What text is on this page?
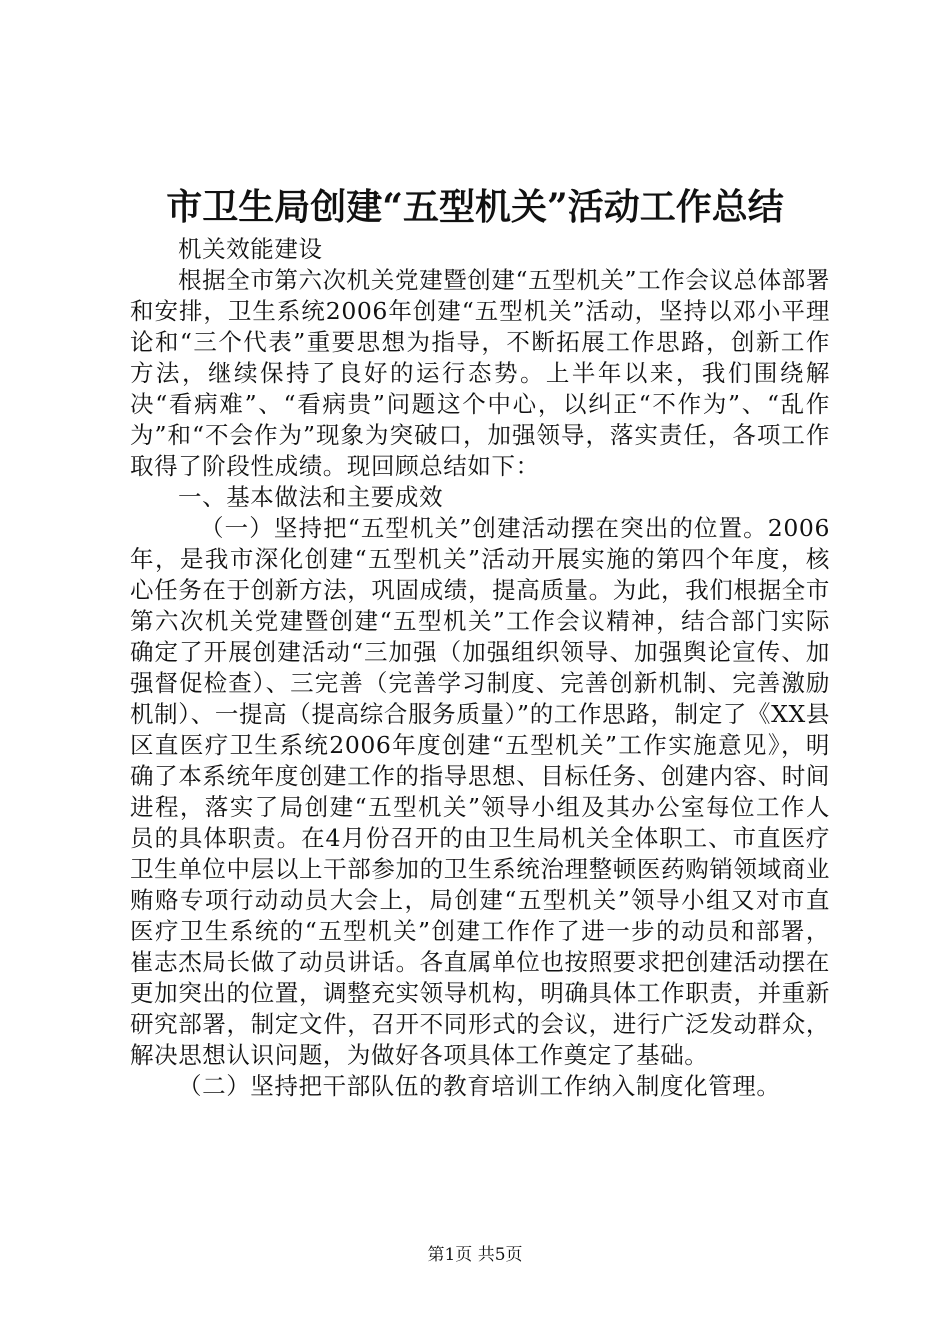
市卫生局创建“五型机关”活动工作总结

机关效能建设

根据全市第六次机关党建暨创建“五型机关”工作会议总体部署和安排，卫生系统2006年创建“五型机关”活动，坚持以邓小平理论和“三个代表”重要思想为指导，不断拓展工作思路，创新工作方法，继续保持了良好的运行态势。上半年以来，我们围绕解决“看病难”、“看病贵”问题这个中心，以纠正“不作为”、“乱作为”和“不会作为”现象为突破口，加强领导，落实责任，各项工作取得了阶段性成绩。现回顾总结如下：

一、基本做法和主要成效

（一）坚持把“五型机关”创建活动摆在突出的位置。2006年，是我市深化创建“五型机关”活动开展实施的第四个年度，核心任务在于创新方法，巩固成绩，提高质量。为此，我们根据全市第六次机关党建暨创建“五型机关”工作会议精神，结合部门实际确定了开展创建活动“三加强（加强组织领导、加强舆论宣传、加强督促检查）、三完善（完善学习制度、完善创新机制、完善激励机制）、一提高（提高综合服务质量）”的工作思路，制定了《XX县区直医疗卫生系统2006年度创建“五型机关”工作实施意见》，明确了本系统年度创建工作的指导思想、目标任务、创建内容、时间进程，落实了局创建“五型机关”领导小组及其办公室每位工作人员的具体职责。在4月份召开的由卫生局机关全体职工、市直医疗卫生单位中层以上干部参加的卫生系统治理整顿医药购销领域商业贿赂专项行动动员大会上，局创建“五型机关”领导小组又对市直医疗卫生系统的“五型机关”创建工作作了进一步的动员和部署，崔志杰局长做了动员讲话。各直属单位也按照要求把创建活动摆在更加突出的位置，调整充实领导机构，明确具体工作职责，并重新研究部署，制定文件，召开不同形式的会议，进行广泛发动群众，解决思想认识问题，为做好各项具体工作奠定了基础。

（二）坚持把干部队伍的教育培训工作纳入制度化管理。

第1页 共5页
